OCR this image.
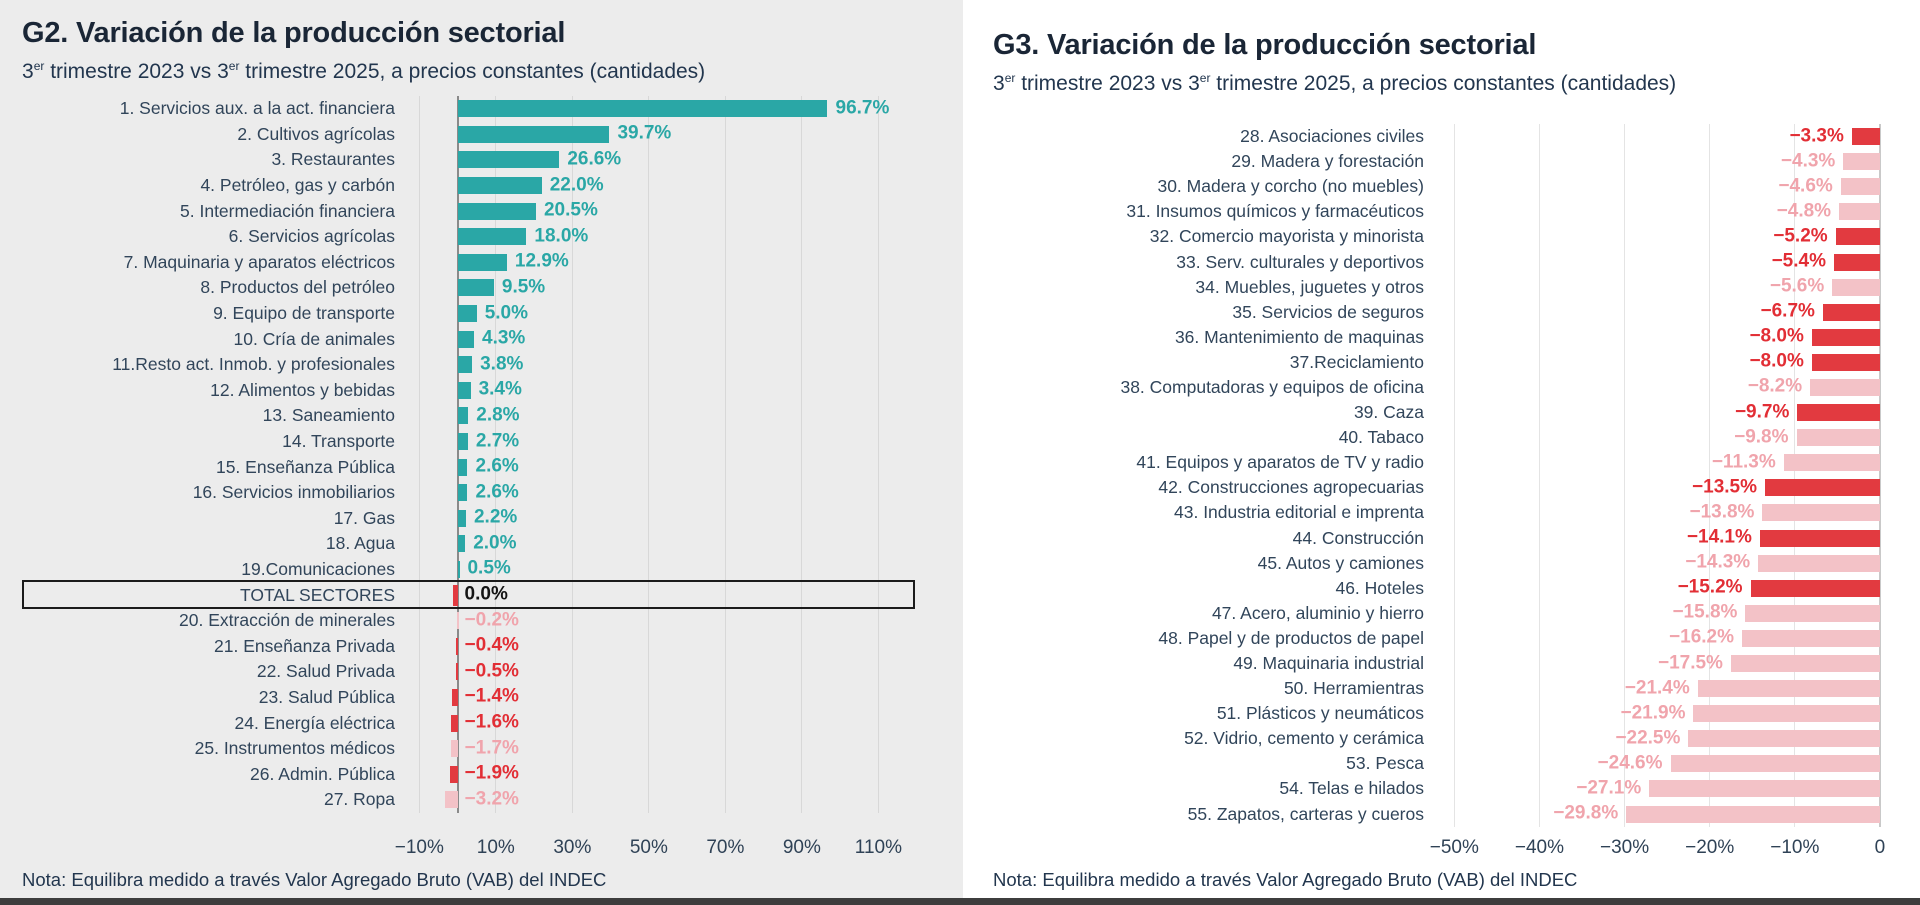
G2. Variación de la producción sectorial

3er trimestre 2023 vs 3er trimestre 2025, a precios constantes (cantidades)

1. Servicios aux. a la act. financiera	96.7%
2. Cultivos agrícolas	39.7%
3. Restaurantes	26.6%
4. Petróleo, gas y carbón	22.0%
5. Intermediación financiera	20.5%
6. Servicios agrícolas	18.0%
7. Maquinaria y aparatos eléctricos	12.9%
8. Productos del petróleo	9.5%
9. Equipo de transporte	5.0%
10. Cría de animales	4.3%
11.Resto act. Inmob. y profesionales	3.8%
12. Alimentos y bebidas	3.4%
13. Saneamiento	2.8%
14. Transporte	2.7%
15. Enseñanza Pública	2.6%
16. Servicios inmobiliarios	2.6%
17. Gas	2.2%
18. Agua	2.0%
19.Comunicaciones	0.5%
TOTAL SECTORES	0.0%
20. Extracción de minerales	−0.2%
21. Enseñanza Privada	−0.4%
22. Salud Privada	−0.5%
23. Salud Pública	−1.4%
24. Energía eléctrica	−1.6%
25. Instrumentos médicos	−1.7%
26. Admin. Pública	−1.9%
27. Ropa	−3.2%
−10% 10% 30% 50% 70% 90% 110%

Nota: Equilibra medido a través Valor Agregado Bruto (VAB) del INDEC

G3. Variación de la producción sectorial

3er trimestre 2023 vs 3er trimestre 2025, a precios constantes (cantidades)

28. Asociaciones civiles	−3.3%
29. Madera y forestación	−4.3%
30. Madera y corcho (no muebles)	−4.6%
31. Insumos químicos y farmacéuticos	−4.8%
32. Comercio mayorista y minorista	−5.2%
33. Serv. culturales y deportivos	−5.4%
34. Muebles, juguetes y otros	−5.6%
35. Servicios de seguros	−6.7%
36. Mantenimiento de maquinas	−8.0%
37.Reciclamiento	−8.0%
38. Computadoras y equipos de oficina	−8.2%
39. Caza	−9.7%
40. Tabaco	−9.8%
41. Equipos y aparatos de TV y radio	−11.3%
42. Construcciones agropecuarias	−13.5%
43. Industria editorial e imprenta	−13.8%
44. Construcción	−14.1%
45. Autos y camiones	−14.3%
46. Hoteles	−15.2%
47. Acero, aluminio y hierro	−15.8%
48. Papel y de productos de papel	−16.2%
49. Maquinaria industrial	−17.5%
50. Herramientras	−21.4%
51. Plásticos y neumáticos	−21.9%
52. Vidrio, cemento y cerámica	−22.5%
53. Pesca	−24.6%
54. Telas e hilados	−27.1%
55. Zapatos, carteras y cueros	−29.8%
−50% −40% −30% −20% −10%	0

Nota: Equilibra medido a través Valor Agregado Bruto (VAB) del INDEC
